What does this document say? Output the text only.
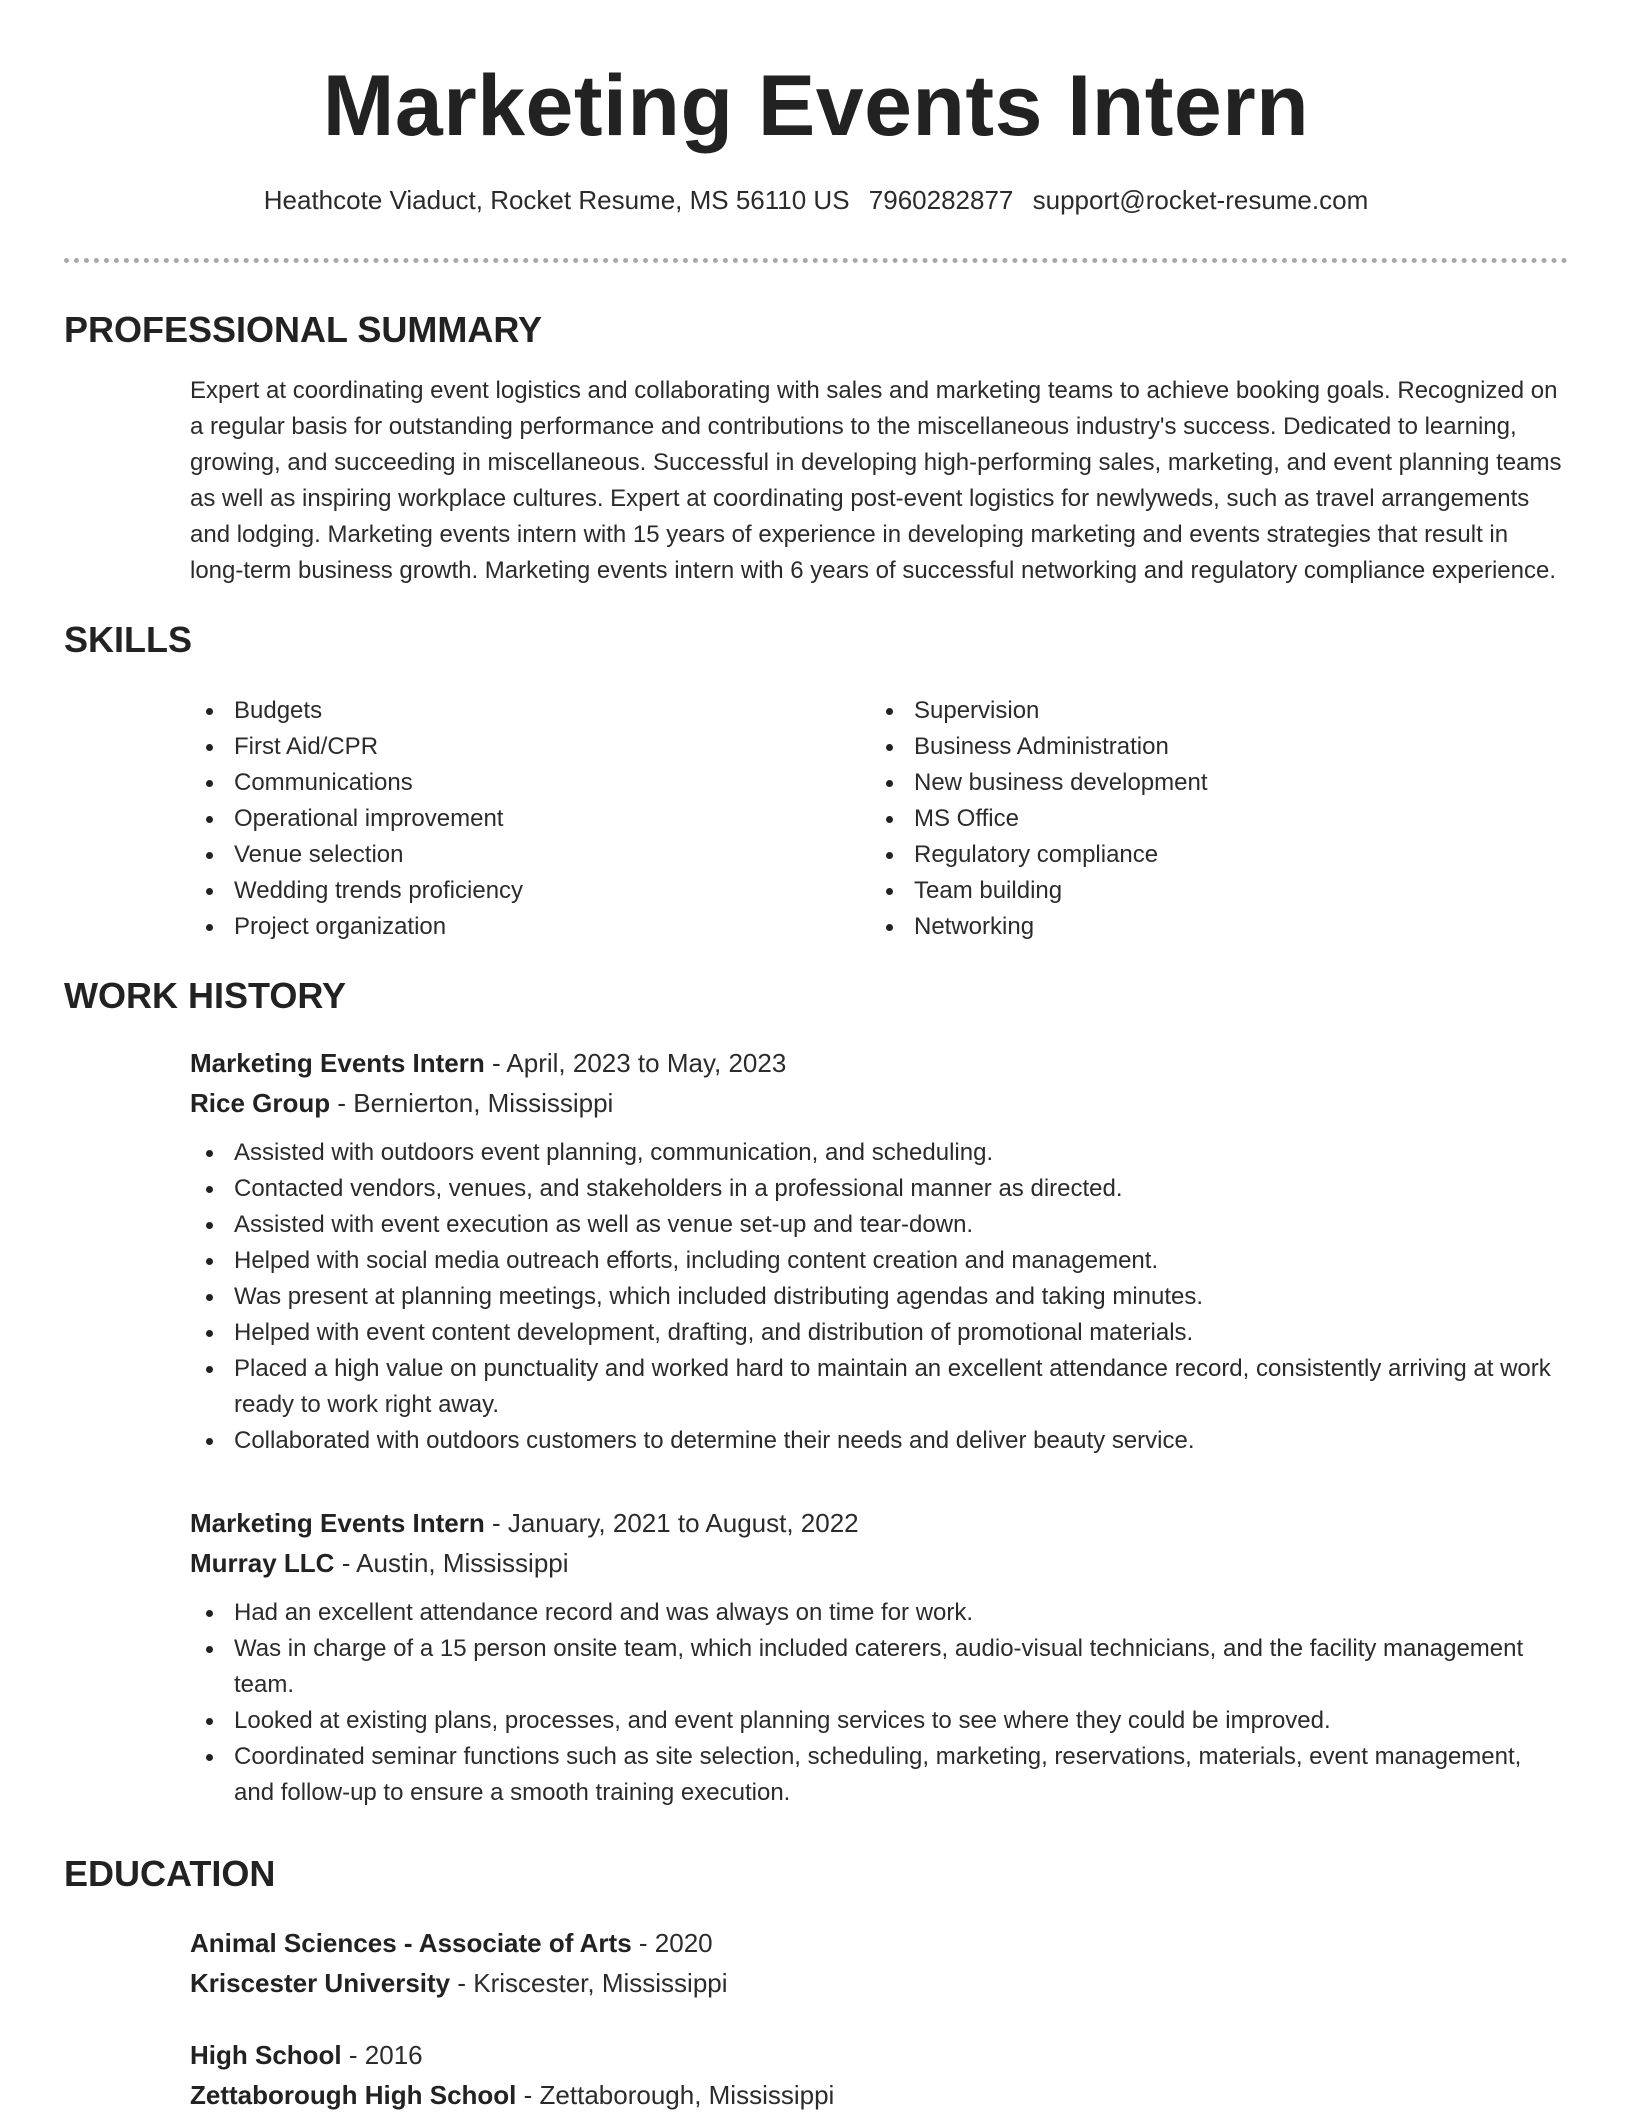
Marketing Events Intern
Heathcote Viaduct, Rocket Resume, MS 56110 US 7960282877 support@rocket-resume.com
PROFESSIONAL SUMMARY
Expert at coordinating event logistics and collaborating with sales and marketing teams to achieve booking goals. Recognized on a regular basis for outstanding performance and contributions to the miscellaneous industry's success. Dedicated to learning, growing, and succeeding in miscellaneous. Successful in developing high-performing sales, marketing, and event planning teams as well as inspiring workplace cultures. Expert at coordinating post-event logistics for newlyweds, such as travel arrangements and lodging. Marketing events intern with 15 years of experience in developing marketing and events strategies that result in long-term business growth. Marketing events intern with 6 years of successful networking and regulatory compliance experience.
SKILLS
Budgets
First Aid/CPR
Communications
Operational improvement
Venue selection
Wedding trends proficiency
Project organization
Supervision
Business Administration
New business development
MS Office
Regulatory compliance
Team building
Networking
WORK HISTORY
Marketing Events Intern - April, 2023 to May, 2023
Rice Group - Bernierton, Mississippi
Assisted with outdoors event planning, communication, and scheduling.
Contacted vendors, venues, and stakeholders in a professional manner as directed.
Assisted with event execution as well as venue set-up and tear-down.
Helped with social media outreach efforts, including content creation and management.
Was present at planning meetings, which included distributing agendas and taking minutes.
Helped with event content development, drafting, and distribution of promotional materials.
Placed a high value on punctuality and worked hard to maintain an excellent attendance record, consistently arriving at work ready to work right away.
Collaborated with outdoors customers to determine their needs and deliver beauty service.
Marketing Events Intern - January, 2021 to August, 2022
Murray LLC - Austin, Mississippi
Had an excellent attendance record and was always on time for work.
Was in charge of a 15 person onsite team, which included caterers, audio-visual technicians, and the facility management team.
Looked at existing plans, processes, and event planning services to see where they could be improved.
Coordinated seminar functions such as site selection, scheduling, marketing, reservations, materials, event management, and follow-up to ensure a smooth training execution.
EDUCATION
Animal Sciences - Associate of Arts - 2020
Kriscester University - Kriscester, Mississippi
High School - 2016
Zettaborough High School - Zettaborough, Mississippi
